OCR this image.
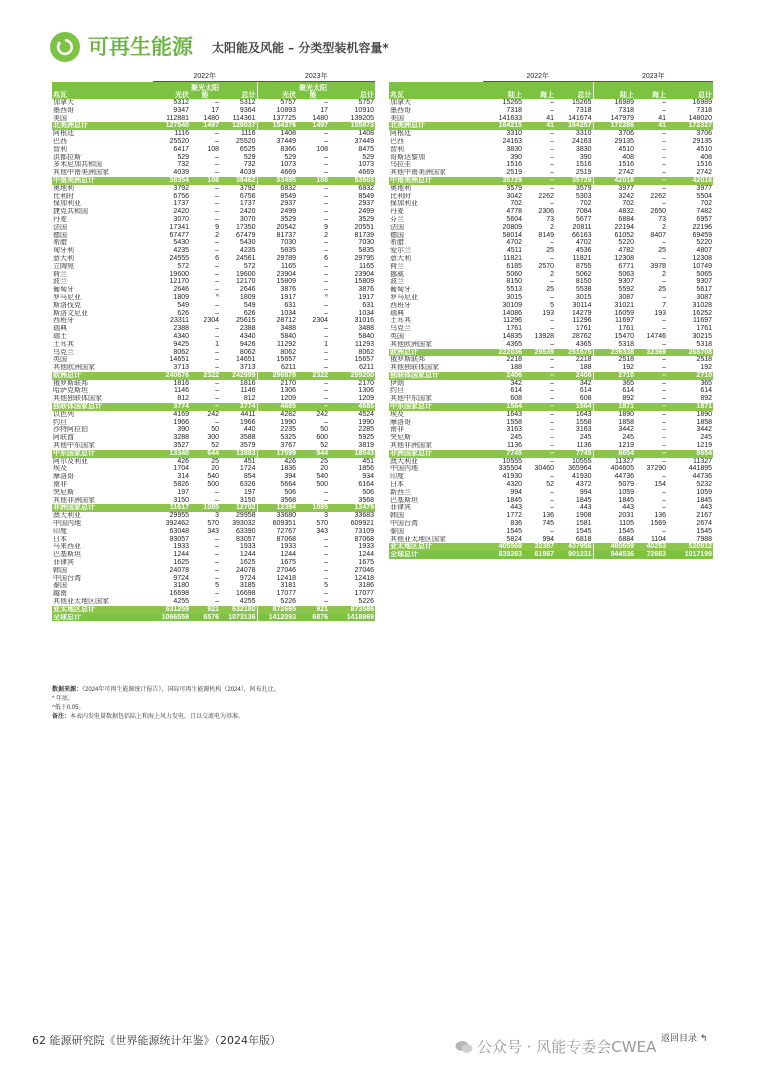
可再生能源 太阳能及风能 – 分类型装机容量*
	2022年			2023年		
兆瓦	光伏	聚光太阳能	总计	光伏	聚光太阳能	总计
加拿大	5312	–	5312	5757	–	5757
墨西哥	9347	17	9364	10893	17	10910
美国	112881	1480	114361	137725	1480	139205
北美洲总计	127540	1497	129037	154376	1497	155873
阿根廷	1116	–	1116	1408	–	1408
巴西	25520	–	25520	37449	–	37449
智利	6417	108	6525	8366	108	8475
洪都拉斯	529	–	529	529	–	529
多米尼加共和国	732	–	732	1073	–	1073
其他中南美洲国家	4039	–	4039	4669	–	4669
中南美洲总计	38354	108	38462	53495	108	53603
奥地利	3792	–	3792	6832	–	6832
比利时	6756	–	6756	8549	–	8549
保加利亚	1737	–	1737	2937	–	2937
捷克共和国	2420	–	2420	2499	–	2499
丹麦	3070	–	3070	3529	–	3529
法国	17341	9	17350	20542	9	20551
德国	67477	2	67479	81737	2	81739
希腊	5430	–	5430	7030	–	7030
匈牙利	4235	–	4235	5835	–	5835
意大利	24555	6	24561	29789	6	29795
立陶宛	572	–	572	1165	–	1165
荷兰	19600	–	19600	23904	–	23904
波兰	12170	–	12170	15809	–	15809
葡萄牙	2646	–	2646	3876	–	3876
罗马尼亚	1809	^	1809	1917	^	1917
斯洛伐克	549	–	549	631	–	631
斯洛文尼亚	626	–	626	1034	–	1034
西班牙	23311	2304	25615	28712	2304	31016
瑞典	2388	–	2388	3488	–	3488
瑞士	4340	–	4340	5840	–	5840
土耳其	9425	1	9426	11292	1	11293
乌克兰	8062	–	8062	8062	–	8062
英国	14651	–	14651	15657	–	15657
其他欧洲国家	3713	–	3713	6211	–	6211
欧洲总计	240676	2322	242999	296878	2322	299200
俄罗斯联邦	1816	–	1816	2170	–	2170
哈萨克斯坦	1146	–	1146	1306	–	1306
其他独联体国家	812	–	812	1209	–	1209
独联体国家总计	3774	–	3774	4685	–	4685
以色列	4169	242	4411	4282	242	4524
约旦	1966	–	1966	1990	–	1990
沙特阿拉伯	390	50	440	2235	50	2285
阿联酋	3288	300	3588	5325	600	5925
其他中东国家	3527	52	3579	3767	52	3819
中东国家总计	13340	644	13983	17599	944	18543
阿尔及利亚	426	25	451	426	25	451
埃及	1704	20	1724	1836	20	1856
摩洛哥	314	540	854	394	540	934
南非	5826	500	6326	5664	500	6164
突尼斯	197	–	197	506	–	506
其他非洲国家	3150	–	3150	3568	–	3568
非洲国家总计	11617	1085	12702	12394	1085	13479
澳大利亚	29955	3	29958	33680	3	33683
中国内地	392462	570	393032	609351	570	609921
印度	63048	343	63390	72767	343	73109
日本	83057	–	83057	87068	–	87068
马来西亚	1933	–	1933	1933	–	1933
巴基斯坦	1244	–	1244	1244	–	1244
菲律宾	1625	–	1625	1675	–	1675
韩国	24078	–	24078	27046	–	27046
中国台湾	9724	–	9724	12418	–	12418
泰国	3180	5	3185	3181	5	3186
越南	16698	–	16698	17077	–	17077
其他亚太地区国家	4255	–	4255	5226	–	5226
亚太地区总计	631259	921	632180	872665	921	873586
全球总计	1066559	6576	1073136	1412093	6876	1418969
	2022年			2023年		
兆瓦	陆上	海上	总计	陆上	海上	总计
加拿大	15265	–	15265	16989	–	16989
墨西哥	7318	–	7318	7318	–	7318
美国	141633	41	141674	147979	41	148020
北美洲总计	164215	41	164257	172286	41	172327
阿根廷	3310	–	3310	3706	–	3706
巴西	24163	–	24163	29135	–	29135
智利	3830	–	3830	4510	–	4510
哥斯达黎加	390	–	390	408	–	408
乌拉圭	1516	–	1516	1516	–	1516
其他中南美洲国家	2519	–	2519	2742	–	2742
中南美洲总计	35729	–	35729	42018	–	42018
奥地利	3579	–	3579	3977	–	3977
比利时	3042	2262	5303	3242	2262	5504
保加利亚	702	–	702	702	–	702
丹麦	4778	2306	7084	4832	2650	7482
芬兰	5604	73	5677	6884	73	6957
法国	20809	2	20811	22194	2	22196
德国	58014	8149	66163	61052	8407	69459
希腊	4702	–	4702	5220	–	5220
爱尔兰	4511	25	4536	4782	25	4807
意大利	11821	–	11821	12308	–	12308
荷兰	6185	2570	8755	6771	3978	10749
挪威	5060	2	5062	5063	2	5065
波兰	8150	–	8150	9307	–	9307
葡萄牙	5513	25	5538	5592	25	5617
罗马尼亚	3015	–	3015	3087	–	3087
西班牙	30109	5	30114	31021	7	31028
瑞典	14086	193	14279	16059	193	16252
土耳其	11296	–	11296	11697	–	11697
乌克兰	1761	–	1761	1761	–	1761
英国	14835	13928	28762	15470	14746	30215
其他欧洲国家	4365	–	4365	5318	–	5318
欧洲总计	222036	29539	251575	236338	32369	268708
俄罗斯联邦	2218	–	2218	2518	–	2518
其他独联体国家	188	–	188	192	–	192
独联体国家总计	2406	–	2406	2710	–	2710
伊朗	342	–	342	365	–	365
约旦	614	–	614	614	–	614
其他中东国家	608	–	608	892	–	892
中东国家总计	1564	–	1564	1871	–	1871
埃及	1643	–	1643	1890	–	1890
摩洛哥	1558	–	1558	1858	–	1858
南非	3163	–	3163	3442	–	3442
突尼斯	245	–	245	245	–	245
其他非洲国家	1136	–	1136	1219	–	1219
非洲国家总计	7745	–	7745	8654	–	8654
澳大利亚	10555	–	10555	11327	–	11327
中国内地	335504	30460	365964	404605	37290	441895
印度	41930	–	41930	44736	–	44736
日本	4320	52	4372	5079	154	5232
新西兰	994	–	994	1059	–	1059
巴基斯坦	1845	–	1845	1845	–	1845
菲律宾	443	–	443	443	–	443
韩国	1772	136	1908	2031	136	2167
中国台湾	836	745	1581	1105	1569	2674
泰国	1545	–	1545	1545	–	1545
其他亚太地区国家	5824	994	6818	6884	1104	7988
亚太地区总计	405569	32387	437956	480659	40253	520912
全球总计	839263	61967	901231	944536	72663	1017199
数据来源：《2024年可再生能源统计报告》，国际可再生能源机构（2024），阿布扎比。
* 年底。
^低于0.05。
备注：本表内发电量数据包括陆上和海上风力发电，且以交流电为基准。
62 能源研究院《世界能源统计年鉴》（2024年版）	返回目录 ↰
公众号 · 风能专委会CWEA
